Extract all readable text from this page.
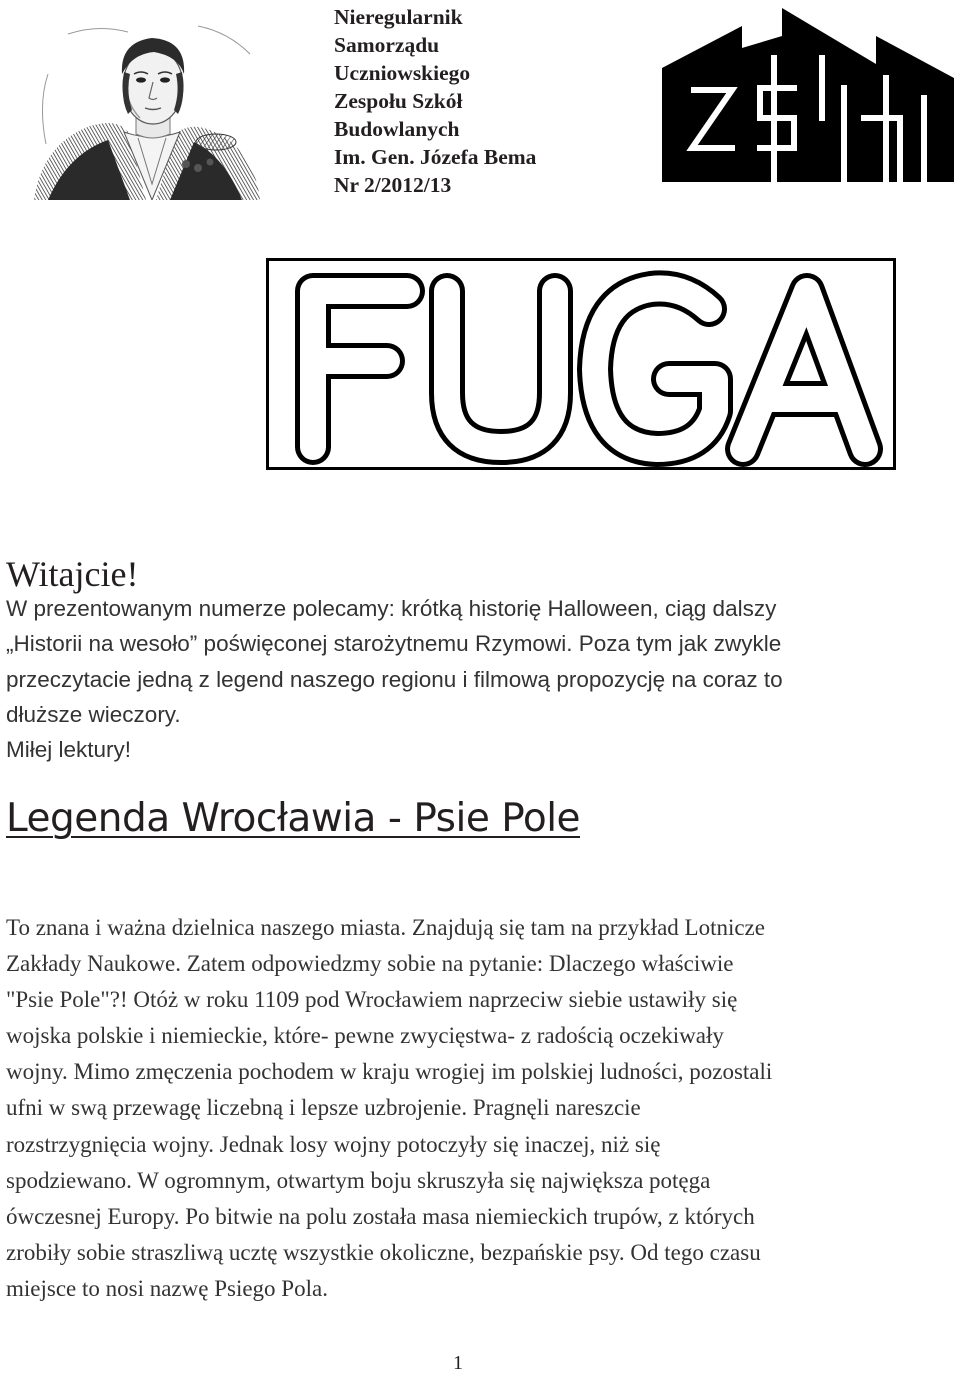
Nieregularnik
Samorządu
Uczniowskiego
Zespołu Szkół
Budowlanych
Im. Gen. Józefa Bema
Nr 2/2012/13
Witajcie!

W prezentowanym numerze polecamy: krótką historię Halloween, ciąg dalszy

„Historii na wesoło” poświęconej starożytnemu Rzymowi. Poza tym jak zwykle

przeczytacie jedną z legend naszego regionu i filmową propozycję na coraz to

dłuższe wieczory.

Miłej lektury!

Legenda Wrocławia - Psie Pole
To znana i ważna dzielnica naszego miasta. Znajdują się tam na przykład Lotnicze
Zakłady Naukowe. Zatem odpowiedzmy sobie na pytanie: Dlaczego właściwie
"Psie Pole"?! Otóż w roku 1109 pod Wrocławiem naprzeciw siebie ustawiły się
wojska polskie i niemieckie, które- pewne zwycięstwa- z radością oczekiwały
wojny. Mimo zmęczenia pochodem w kraju wrogiej im polskiej ludności, pozostali
ufni w swą przewagę liczebną i lepsze uzbrojenie. Pragnęli nareszcie
rozstrzygnięcia wojny. Jednak losy wojny potoczyły się inaczej, niż się
spodziewano. W ogromnym, otwartym boju skruszyła się największa potęga
ówczesnej Europy. Po bitwie na polu została masa niemieckich trupów, z których
zrobiły sobie straszliwą ucztę wszystkie okoliczne, bezpańskie psy. Od tego czasu
miejsce to nosi nazwę Psiego Pola.
1
